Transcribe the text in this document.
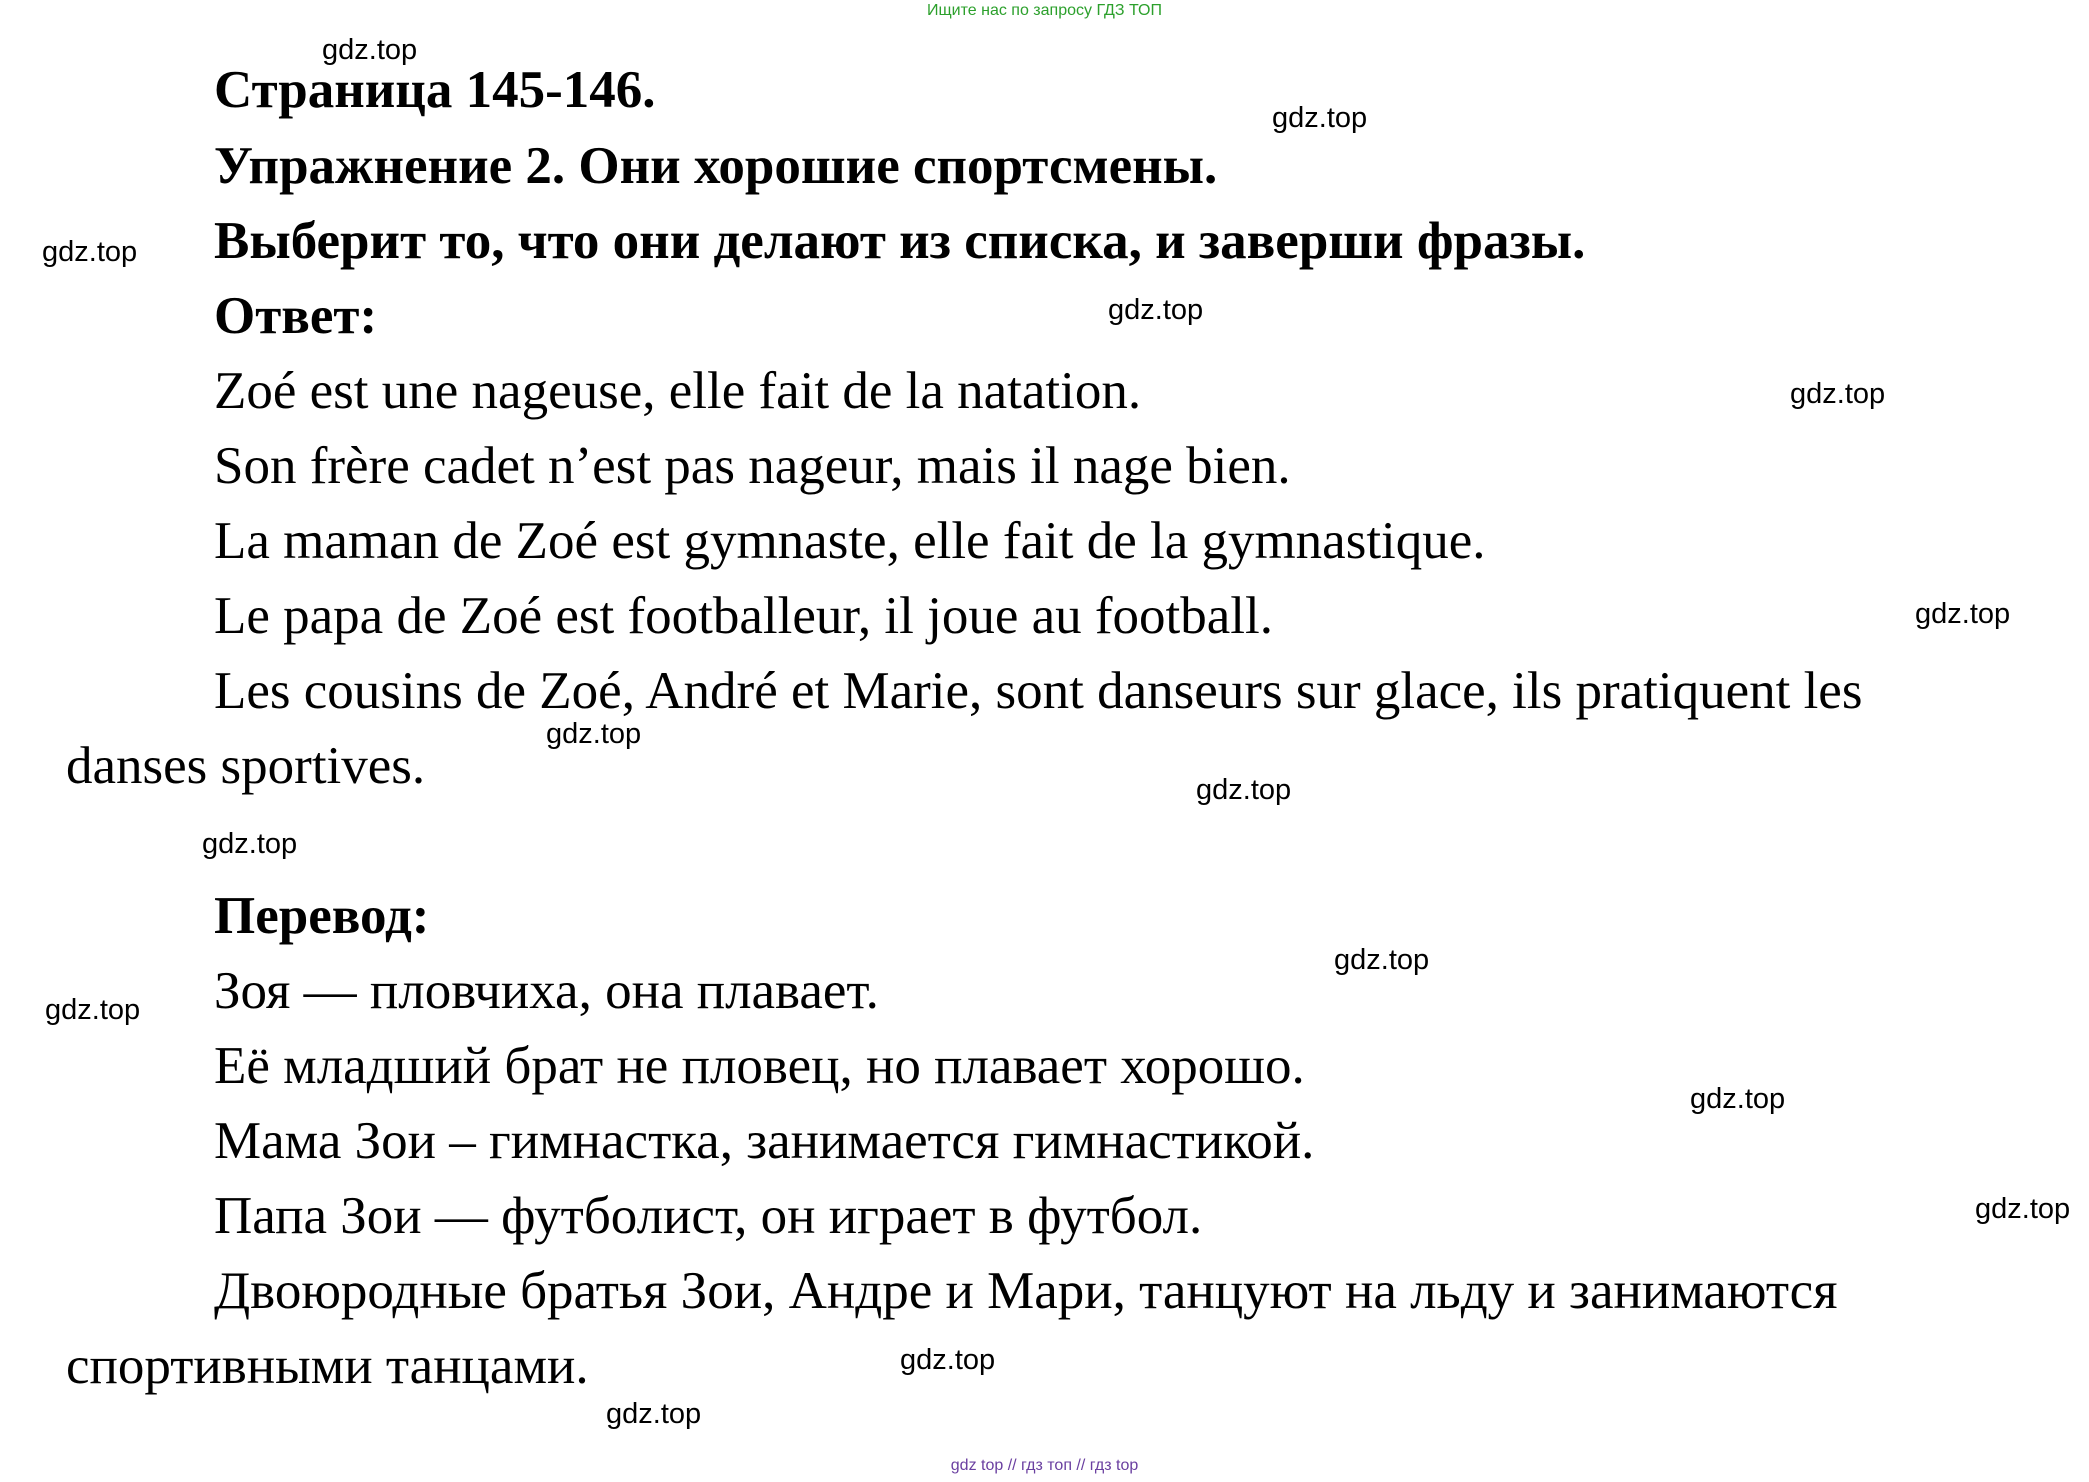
Ищите нас по запросу ГДЗ ТОП
Страница 145-146.
Упражнение 2. Они хорошие спортсмены.
Выберит то, что они делают из списка, и заверши фразы.
Ответ:
Zoé est une nageuse, elle fait de la natation.
Son frère cadet n’est pas nageur, mais il nage bien.
La maman de Zoé est gymnaste, elle fait de la gymnastique.
Le papa de Zoé est footballeur, il joue au football.
Les cousins de Zoé, André et Marie, sont danseurs sur glace, ils pratiquent les
danses sportives.
Перевод:
Зоя — пловчиха, она плавает.
Её младший брат не пловец, но плавает хорошо.
Мама Зои – гимнастка, занимается гимнастикой.
Папа Зои — футболист, он играет в футбол.
Двоюродные братья Зои, Андре и Мари, танцуют на льду и занимаются
спортивными танцами.
gdz.top
gdz.top
gdz.top
gdz.top
gdz.top
gdz.top
gdz.top
gdz.top
gdz.top
gdz.top
gdz.top
gdz.top
gdz.top
gdz.top
gdz.top
gdz top // гдз топ // гдз top
